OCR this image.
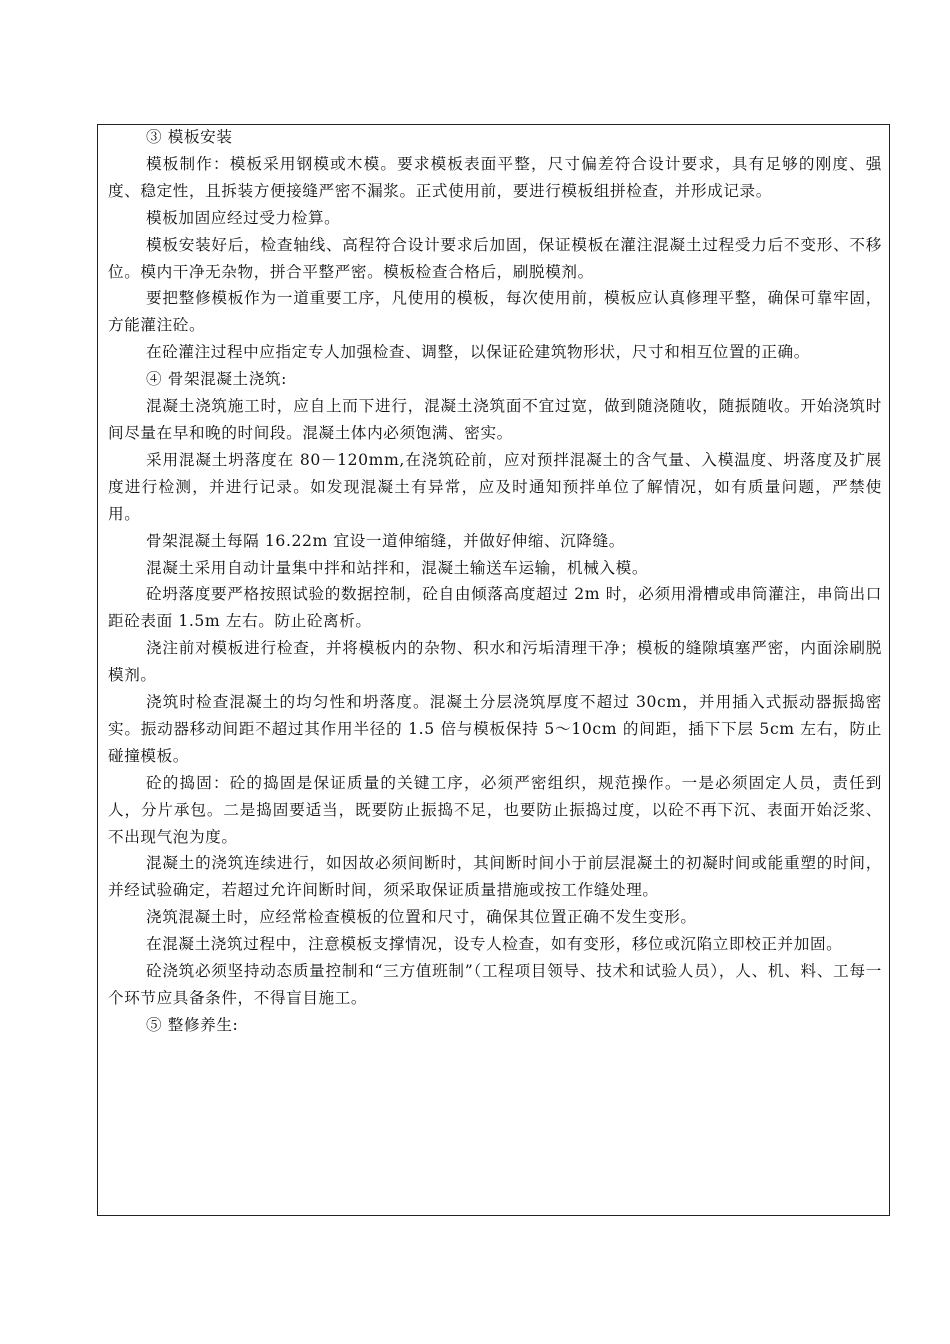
③ 模板安装

模板制作：模板采用钢模或木模。要求模板表面平整，尺寸偏差符合设计要求，具有足够的刚度、强度、稳定性，且拆装方便接缝严密不漏浆。正式使用前，要进行模板组拼检查，并形成记录。

模板加固应经过受力检算。

模板安装好后，检查轴线、高程符合设计要求后加固，保证模板在灌注混凝土过程受力后不变形、不移位。模内干净无杂物，拼合平整严密。模板检查合格后，刷脱模剂。

要把整修模板作为一道重要工序，凡使用的模板，每次使用前，模板应认真修理平整，确保可靠牢固，方能灌注砼。

在砼灌注过程中应指定专人加强检查、调整，以保证砼建筑物形状，尺寸和相互位置的正确。

④ 骨架混凝土浇筑:

混凝土浇筑施工时，应自上而下进行，混凝土浇筑面不宜过宽，做到随浇随收，随振随收。开始浇筑时间尽量在早和晚的时间段。混凝土体内必须饱满、密实。

采用混凝土坍落度在 80－120mm,在浇筑砼前，应对预拌混凝土的含气量、入模温度、坍落度及扩展度进行检测，并进行记录。如发现混凝土有异常，应及时通知预拌单位了解情况，如有质量问题，严禁使用。

骨架混凝土每隔 16.22m 宜设一道伸缩缝，并做好伸缩、沉降缝。

混凝土采用自动计量集中拌和站拌和，混凝土输送车运输，机械入模。

砼坍落度要严格按照试验的数据控制，砼自由倾落高度超过 2m 时，必须用滑槽或串筒灌注，串筒出口距砼表面 1.5m 左右。防止砼离析。

浇注前对模板进行检查，并将模板内的杂物、积水和污垢清理干净；模板的缝隙填塞严密，内面涂刷脱模剂。

浇筑时检查混凝土的均匀性和坍落度。混凝土分层浇筑厚度不超过 30cm，并用插入式振动器振捣密实。振动器移动间距不超过其作用半径的 1.5 倍与模板保持 5～10cm 的间距，插下下层 5cm 左右，防止碰撞模板。

砼的捣固：砼的捣固是保证质量的关键工序，必须严密组织，规范操作。一是必须固定人员，责任到人，分片承包。二是捣固要适当，既要防止振捣不足，也要防止振捣过度，以砼不再下沉、表面开始泛浆、不出现气泡为度。

混凝土的浇筑连续进行，如因故必须间断时，其间断时间小于前层混凝土的初凝时间或能重塑的时间，并经试验确定，若超过允许间断时间，须采取保证质量措施或按工作缝处理。

浇筑混凝土时，应经常检查模板的位置和尺寸，确保其位置正确不发生变形。

在混凝土浇筑过程中，注意模板支撑情况，设专人检查，如有变形，移位或沉陷立即校正并加固。

砼浇筑必须坚持动态质量控制和“三方值班制”（工程项目领导、技术和试验人员），人、机、料、工每一个环节应具备条件，不得盲目施工。

⑤ 整修养生:
